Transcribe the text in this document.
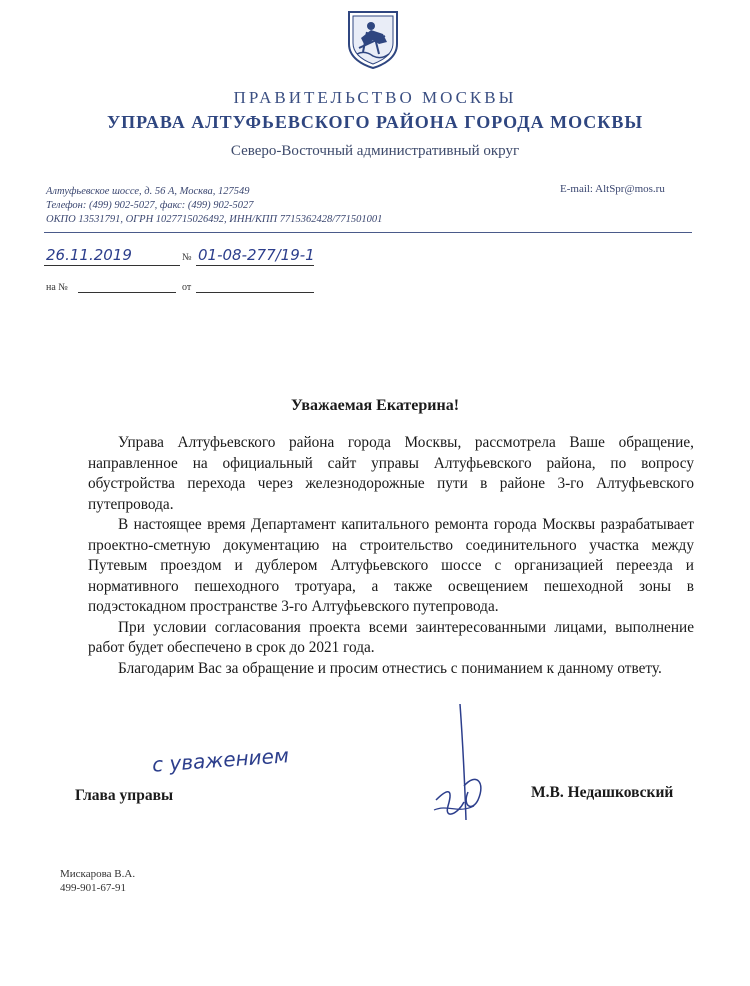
ПРАВИТЕЛЬСТВО МОСКВЫ
УПРАВА АЛТУФЬЕВСКОГО РАЙОНА ГОРОДА МОСКВЫ
Северо-Восточный административный округ
Алтуфьевское шоссе, д. 56 А, Москва, 127549
Телефон: (499) 902-5027, факс: (499) 902-5027
ОКПО 13531791, ОГРН 1027715026492, ИНН/КПП 7715362428/771501001
E-mail: AltSpr@mos.ru
26.11.2019	№ 01-08-277/19-1
на №	от
Уважаемая Екатерина!

Управа Алтуфьевского района города Москвы, рассмотрела Ваше обращение, направленное на официальный сайт управы Алтуфьевского района, по вопросу обустройства перехода через железнодорожные пути в районе 3-го Алтуфьевского путепровода.

В настоящее время Департамент капитального ремонта города Москвы разрабатывает проектно-сметную документацию на строительство соединительного участка между Путевым проездом и дублером Алтуфьевского шоссе с организацией переезда и нормативного пешеходного тротуара, а также освещением пешеходной зоны в подэстокадном пространстве 3-го Алтуфьевского путепровода.

При условии согласования проекта всеми заинтересованными лицами, выполнение работ будет обеспечено в срок до 2021 года.

Благодарим Вас за обращение и просим отнестись с пониманием к данному ответу.

с уважением
Глава управы	М.В. Недашковский
Мискарова В.А.
499-901-67-91
